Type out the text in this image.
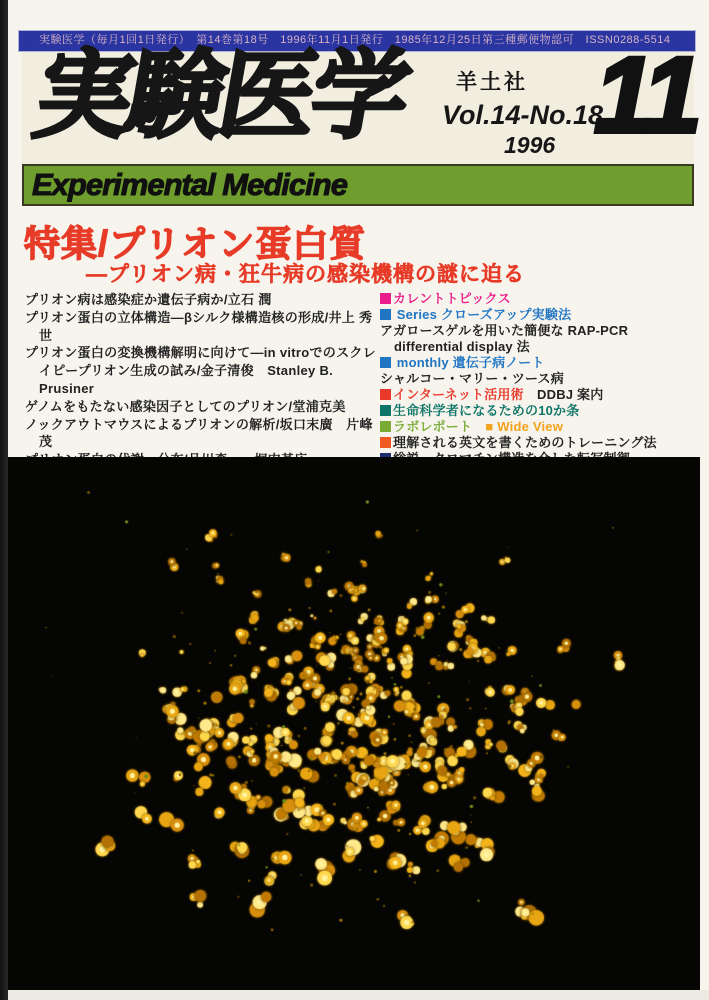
実験医学（毎月1回1日発行）　第14巻第18号　1996年11月1日発行　1985年12月25日第三種郵便物認可　ISSN0288-5514
実験医学 羊土社
Vol.14-No.18
1996 11
Experimental Medicine
特集/プリオン蛋白質
—プリオン病・狂牛病の感染機構の謎に迫る
プリオン病は感染症か遺伝子病か/立石 潤
プリオン蛋白の立体構造—βシルク様構造核の形成/井上 秀世
プリオン蛋白の変換機構解明に向けて—in vitroでのスクレイピープリオン生成の試み/金子清俊　Stanley B. Prusiner
ゲノムをもたない感染因子としてのプリオン/堂浦克美
ノックアウトマウスによるプリオンの解析/坂口末廣　片峰 茂
カレントトピックス
Series クローズアップ実験法
アガロースゲルを用いた簡便な RAP-PCR differential display 法
monthly 遺伝子病ノート
シャルコー・マリー・ツース病
インターネット活用術　DDBJ 案内
生命科学者になるための10か条
ラボレポート　 ■ Wide View
理解される英文を書くためのトレーニング法
